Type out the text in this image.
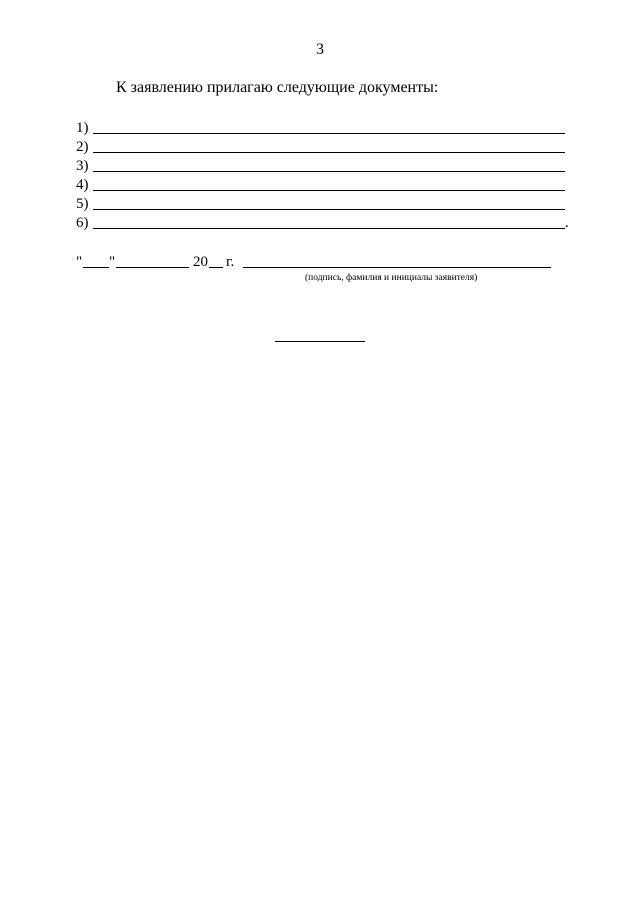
3
К заявлению прилагаю следующие документы:
1)
2)
3)
4)
5)
6)	.
" "	20 г.
(подпись, фамилия и инициалы заявителя)
